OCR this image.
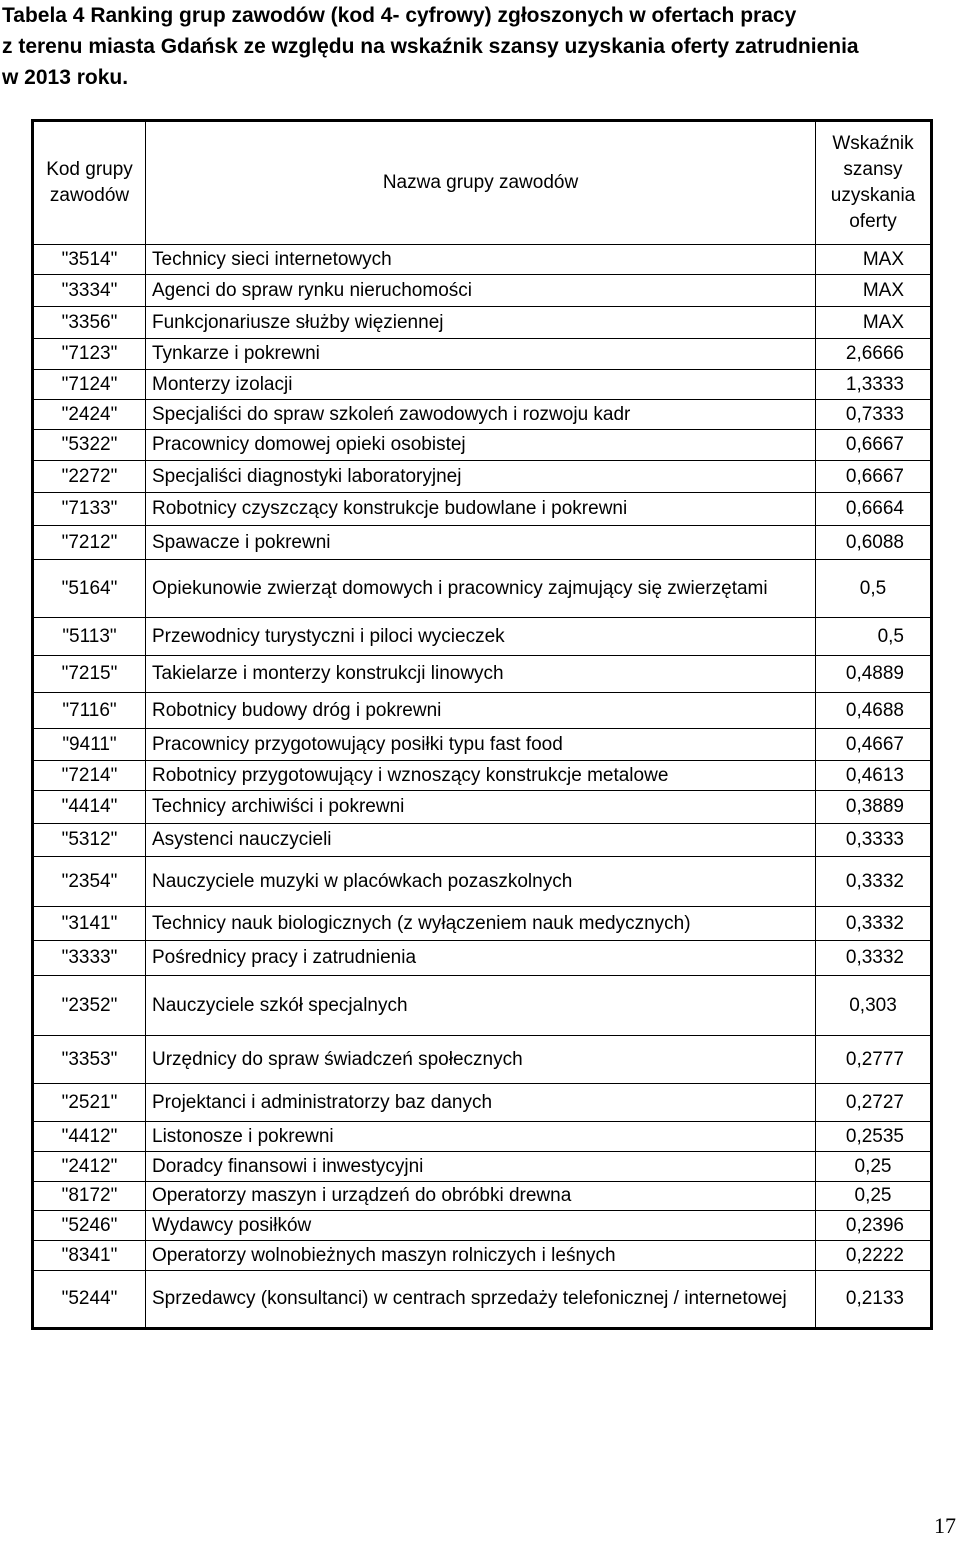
Tabela 4 Ranking grup zawodów (kod 4- cyfrowy) zgłoszonych w ofertach pracy
z terenu miasta Gdańsk ze względu na wskaźnik szansy uzyskania oferty zatrudnienia
w 2013 roku.
Kod grupy zawodów	Nazwa grupy zawodów	Wskaźnik szansy uzyskania oferty
"3514"	Technicy sieci internetowych	MAX
"3334"	Agenci do spraw rynku nieruchomości	MAX
"3356"	Funkcjonariusze służby więziennej	MAX
"7123"	Tynkarze i pokrewni	2,6666
"7124"	Monterzy izolacji	1,3333
"2424"	Specjaliści do spraw szkoleń zawodowych i rozwoju kadr	0,7333
"5322"	Pracownicy domowej opieki osobistej	0,6667
"2272"	Specjaliści diagnostyki laboratoryjnej	0,6667
"7133"	Robotnicy czyszczący konstrukcje budowlane i pokrewni	0,6664
"7212"	Spawacze i pokrewni	0,6088
"5164"	Opiekunowie zwierząt domowych i pracownicy zajmujący się zwierzętami	0,5
"5113"	Przewodnicy turystyczni i piloci wycieczek	0,5
"7215"	Takielarze i monterzy konstrukcji linowych	0,4889
"7116"	Robotnicy budowy dróg i pokrewni	0,4688
"9411"	Pracownicy przygotowujący posiłki typu fast food	0,4667
"7214"	Robotnicy przygotowujący i wznoszący konstrukcje metalowe	0,4613
"4414"	Technicy archiwiści i pokrewni	0,3889
"5312"	Asystenci nauczycieli	0,3333
"2354"	Nauczyciele muzyki w placówkach pozaszkolnych	0,3332
"3141"	Technicy nauk biologicznych (z wyłączeniem nauk medycznych)	0,3332
"3333"	Pośrednicy pracy i zatrudnienia	0,3332
"2352"	Nauczyciele szkół specjalnych	0,303
"3353"	Urzędnicy do spraw świadczeń społecznych	0,2777
"2521"	Projektanci i administratorzy baz danych	0,2727
"4412"	Listonosze i pokrewni	0,2535
"2412"	Doradcy finansowi i inwestycyjni	0,25
"8172"	Operatorzy maszyn i urządzeń do obróbki drewna	0,25
"5246"	Wydawcy posiłków	0,2396
"8341"	Operatorzy wolnobieżnych maszyn rolniczych i leśnych	0,2222
"5244"	Sprzedawcy (konsultanci) w centrach sprzedaży telefonicznej / internetowej	0,2133
17
